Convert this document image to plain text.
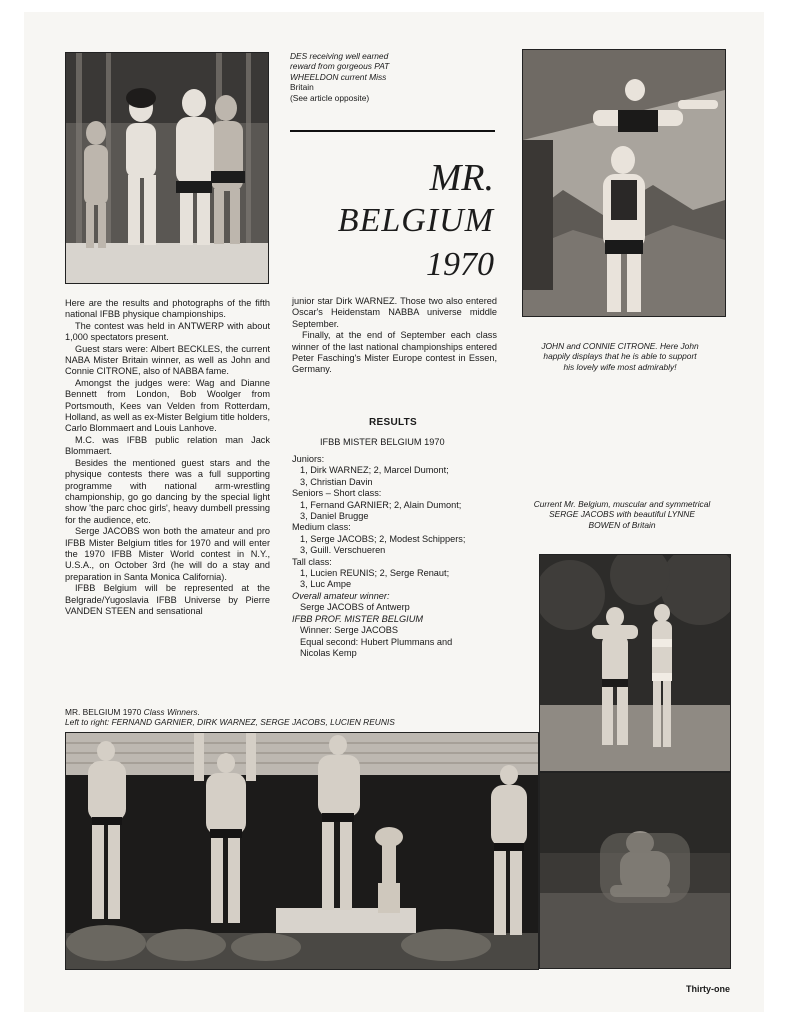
DES receiving well earned
reward from gorgeous PAT
WHEELDON current Miss
Britain
(See article opposite)
MR.
BELGIUM
1970
JOHN and CONNIE CITRONE. Here John
happily displays that he is able to support
his lovely wife most admirably!
Current Mr. Belgium, muscular and symmetrical
SERGE JACOBS with beautiful LYNNE
BOWEN of Britain

Here are the results and photographs of the fifth national IFBB physique championships.

The contest was held in ANTWERP with about 1,000 spectators present.

Guest stars were: Albert BECKLES, the current NABA Mister Britain winner, as well as John and Connie CITRONE, also of NABBA fame.

Amongst the judges were: Wag and Dianne Bennett from London, Bob Woolger from Portsmouth, Kees van Velden from Rotterdam, Holland, as well as ex-Mister Belgium title holders, Carlo Blommaert and Louis Lanhove.

M.C. was IFBB public relation man Jack Blommaert.

Besides the mentioned guest stars and the physique contests there was a full supporting programme with national arm-wrestling championship, go go dancing by the special light show 'the parc choc girls', heavy dumbell pressing for the audience, etc.

Serge JACOBS won both the amateur and pro IFBB Mister Belgium titles for 1970 and will enter the 1970 IFBB Mister World contest in N.Y., U.S.A., on October 3rd (he will do a stay and preparation in Santa Monica California).

IFBB Belgium will be represented at the Belgrade/Yugoslavia IFBB Universe by Pierre VANDEN STEEN and sensational

junior star Dirk WARNEZ. Those two also entered Oscar's Heidenstam NABBA universe middle September.

Finally, at the end of September each class winner of the last national championships entered Peter Fasching's Mister Europe contest in Essen, Germany.

RESULTS
IFBB MISTER BELGIUM 1970
Juniors:
1, Dirk WARNEZ; 2, Marcel Dumont;
3, Christian Davin
Seniors – Short class:
1, Fernand GARNIER; 2, Alain Dumont;
3, Daniel Brugge
Medium class:
1, Serge JACOBS; 2, Modest Schippers;
3, Guill. Verschueren
Tall class:
1, Lucien REUNIS; 2, Serge Renaut;
3, Luc Ampe
Overall amateur winner:
Serge JACOBS of Antwerp
IFBB PROF. MISTER BELGIUM
Winner: Serge JACOBS
Equal second: Hubert Plummans and
Nicolas Kemp
MR. BELGIUM 1970 Class Winners.
Left to right: FERNAND GARNIER, DIRK WARNEZ, SERGE JACOBS, LUCIEN REUNIS
Thirty-one
